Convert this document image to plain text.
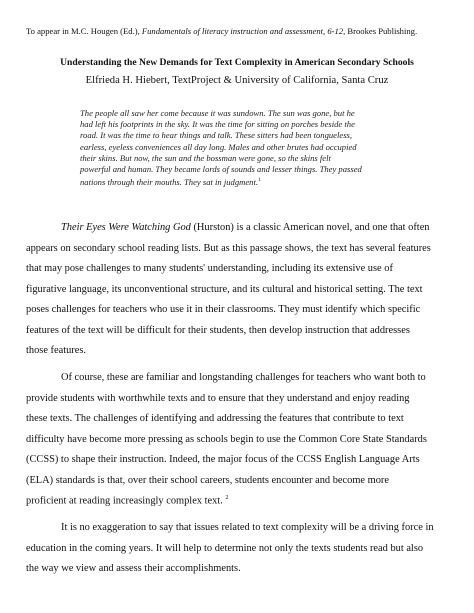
To appear in M.C. Hougen (Ed.), Fundamentals of literacy instruction and assessment, 6-12, Brookes Publishing.
Understanding the New Demands for Text Complexity in American Secondary Schools
Elfrieda H. Hiebert, TextProject & University of California, Santa Cruz
The people all saw her come because it was sundown. The sun was gone, but he
had left his footprints in the sky. It was the time for sitting on porches beside the
road. It was the time to hear things and talk. These sitters had been tongueless,
earless, eyeless conveniences all day long. Males and other brutes had occupied
their skins. But now, the sun and the bossman were gone, so the skins felt
powerful and human. They became lords of sounds and lesser things. They passed
nations through their mouths. They sat in judgment.$^1$
Their Eyes Were Watching God (Hurston) is a classic American novel, and one that often
appears on secondary school reading lists. But as this passage shows, the text has several features
that may pose challenges to many students' understanding, including its extensive use of
figurative language, its unconventional structure, and its cultural and historical setting. The text
poses challenges for teachers who use it in their classrooms. They must identify which specific
features of the text will be difficult for their students, then develop instruction that addresses
those features.
Of course, these are familiar and longstanding challenges for teachers who want both to
provide students with worthwhile texts and to ensure that they understand and enjoy reading
these texts. The challenges of identifying and addressing the features that contribute to text
difficulty have become more pressing as schools begin to use the Common Core State Standards
(CCSS) to shape their instruction. Indeed, the major focus of the CCSS English Language Arts
(ELA) standards is that, over their school careers, students encounter and become more
proficient at reading increasingly complex text. $^2$
It is no exaggeration to say that issues related to text complexity will be a driving force in
education in the coming years. It will help to determine not only the texts students read but also
the way we view and assess their accomplishments.
